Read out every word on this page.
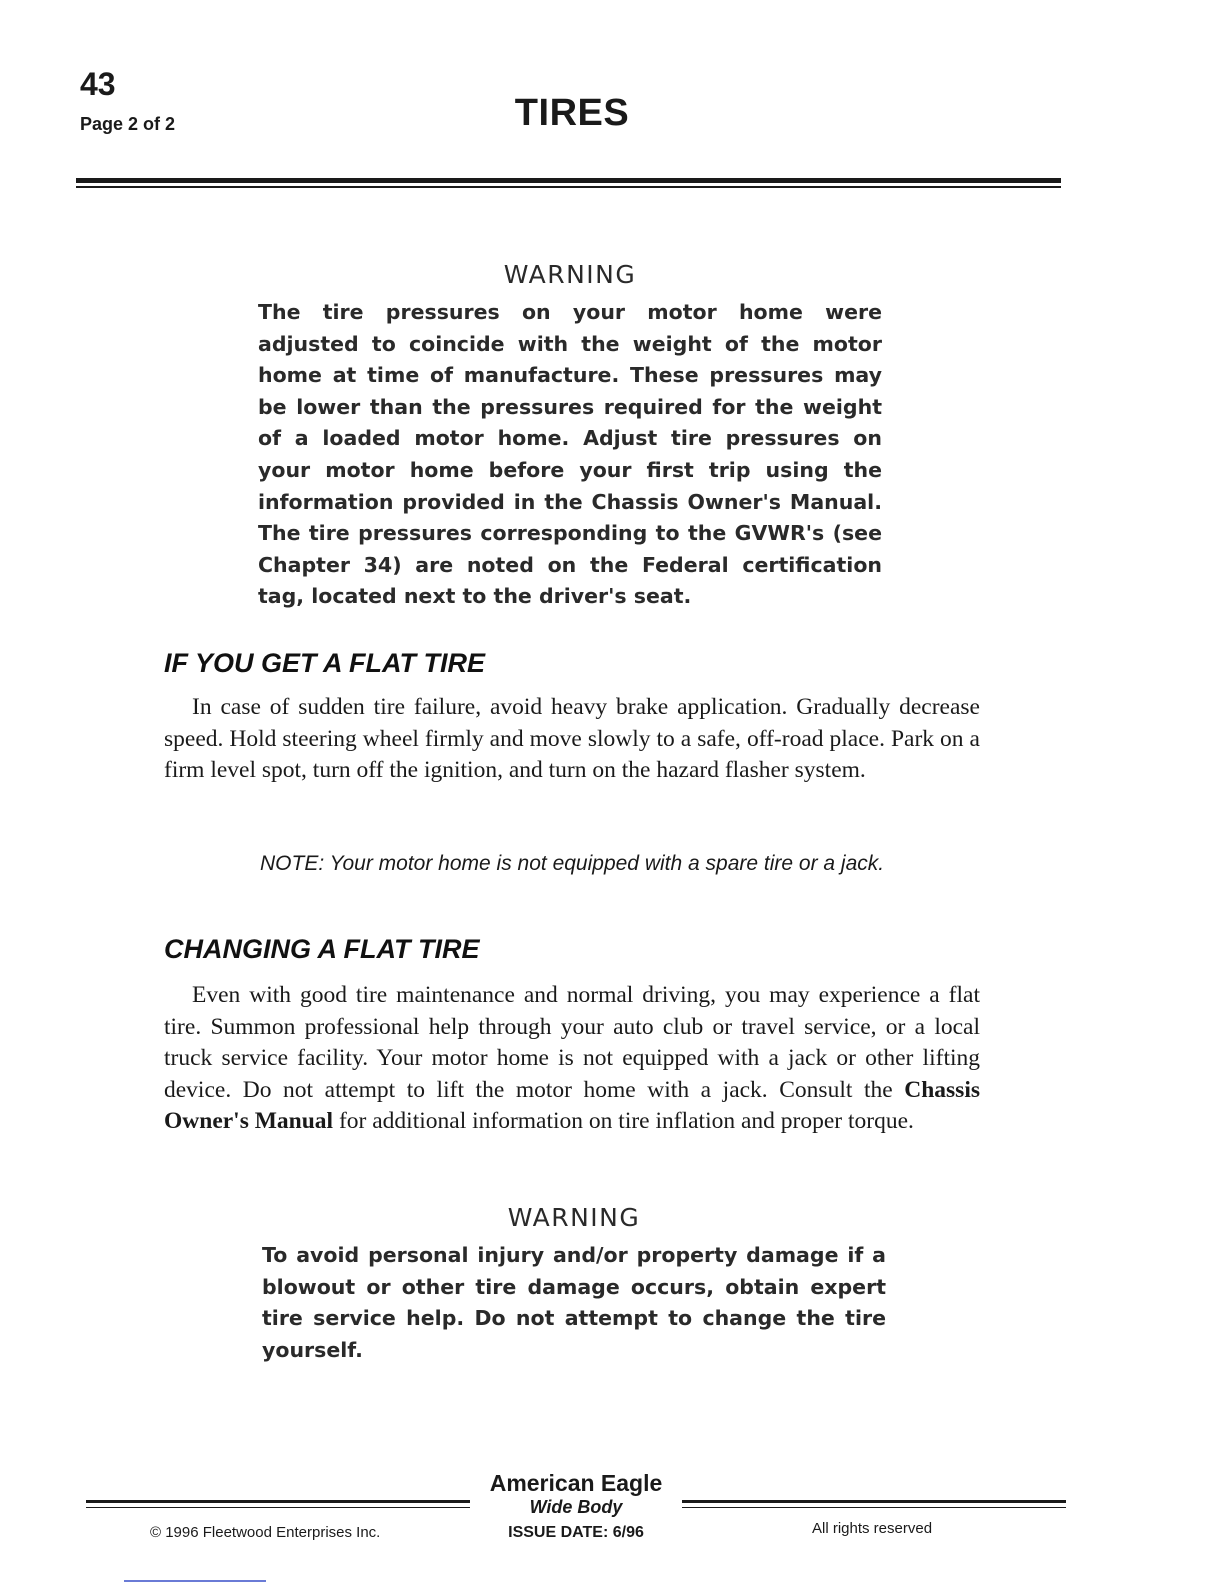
43
Page 2 of 2	TIRES
WARNING

The tire pressures on your motor home were adjusted to coincide with the weight of the motor home at time of manufacture. These pressures may be lower than the pressures required for the weight of a loaded motor home. Adjust tire pressures on your motor home before your first trip using the information provided in the Chassis Owner's Manual. The tire pressures corresponding to the GVWR's (see Chapter 34) are noted on the Federal certification tag, located next to the driver's seat.

IF YOU GET A FLAT TIRE

In case of sudden tire failure, avoid heavy brake application. Gradually decrease speed. Hold steering wheel firmly and move slowly to a safe, off-road place. Park on a firm level spot, turn off the ignition, and turn on the hazard flasher system.

NOTE: Your motor home is not equipped with a spare tire or a jack.

CHANGING A FLAT TIRE

Even with good tire maintenance and normal driving, you may experience a flat tire. Summon professional help through your auto club or travel service, or a local truck service facility. Your motor home is not equipped with a jack or other lifting device. Do not attempt to lift the motor home with a jack. Consult the Chassis Owner's Manual for additional information on tire inflation and proper torque.

WARNING

To avoid personal injury and/or property damage if a blowout or other tire damage occurs, obtain expert tire service help. Do not attempt to change the tire yourself.

American Eagle
Wide Body
ISSUE DATE: 6/96
© 1996 Fleetwood Enterprises Inc.	All rights reserved
